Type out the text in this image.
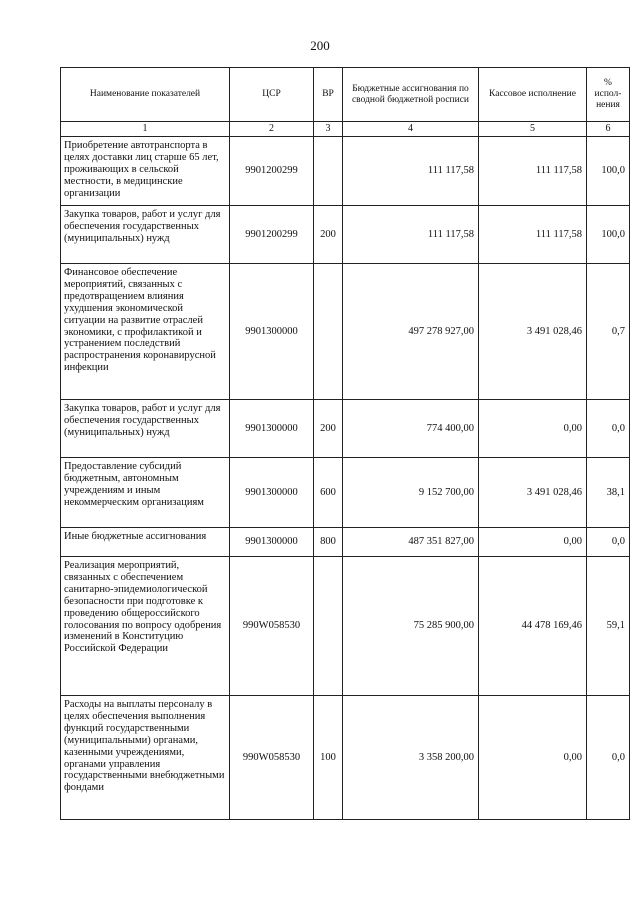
200
Наименование показателей	ЦСР	ВР	Бюджетные ассигнования по сводной бюджетной росписи	Кассовое исполнение	% испол-нения
1	2	3	4	5	6
Приобретение автотранспорта в целях доставки лиц старше 65 лет, проживающих в сельской местности, в медицинские организации	9901200299		111 117,58	111 117,58	100,0
Закупка товаров, работ и услуг для обеспечения государственных (муниципальных) нужд	9901200299	200	111 117,58	111 117,58	100,0
Финансовое обеспечение мероприятий, связанных с предотвращением влияния ухудшения экономической ситуации на развитие отраслей экономики, с профилактикой и устранением последствий распространения коронавирусной инфекции	9901300000		497 278 927,00	3 491 028,46	0,7
Закупка товаров, работ и услуг для обеспечения государственных (муниципальных) нужд	9901300000	200	774 400,00	0,00	0,0
Предоставление субсидий бюджетным, автономным учреждениям и иным некоммерческим организациям	9901300000	600	9 152 700,00	3 491 028,46	38,1
Иные бюджетные ассигнования	9901300000	800	487 351 827,00	0,00	0,0
Реализация мероприятий, связанных с обеспечением санитарно-эпидемиологической безопасности при подготовке к проведению общероссийского голосования по вопросу одобрения изменений в Конституцию Российской Федерации	990W058530		75 285 900,00	44 478 169,46	59,1
Расходы на выплаты персоналу в целях обеспечения выполнения функций государственными (муниципальными) органами, казенными учреждениями, органами управления государственными внебюджетными фондами	990W058530	100	3 358 200,00	0,00	0,0
